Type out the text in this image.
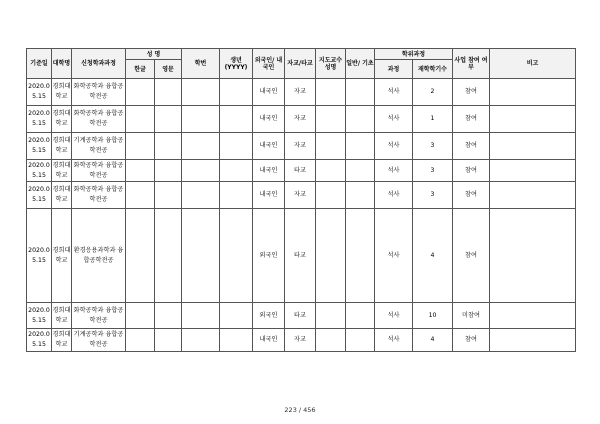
기준일	대학명	신청학과과정	성 명		학번	생년 (YYYY)	외국인/ 내국인	자교/타교	지도교수 성명	일반/ 기초	학위과정		사업 참여 여부	비고
			한글	영문							과정	재학학기수		
2020.05.15	경희대학교	화학공학과 융합공학전공					내국인	자교			석사	2	참여	
2020.05.15	경희대학교	화학공학과 융합공학전공					내국인	자교			석사	1	참여	
2020.05.15	경희대학교	기계공학과 융합공학전공					내국인	자교			석사	3	참여	
2020.05.15	경희대학교	화학공학과 융합공학전공					내국인	타교			석사	3	참여	
2020.05.15	경희대학교	화학공학과 융합공학전공					내국인	자교			석사	3	참여	
2020.05.15	경희대학교	환경응용과학과 융합공학전공					외국인	타교			석사	4	참여	
2020.05.15	경희대학교	화학공학과 융합공학전공					외국인	타교			석사	10	미참여	
2020.05.15	경희대학교	기계공학과 융합공학전공					내국인	자교			석사	4	참여	
223 / 456
